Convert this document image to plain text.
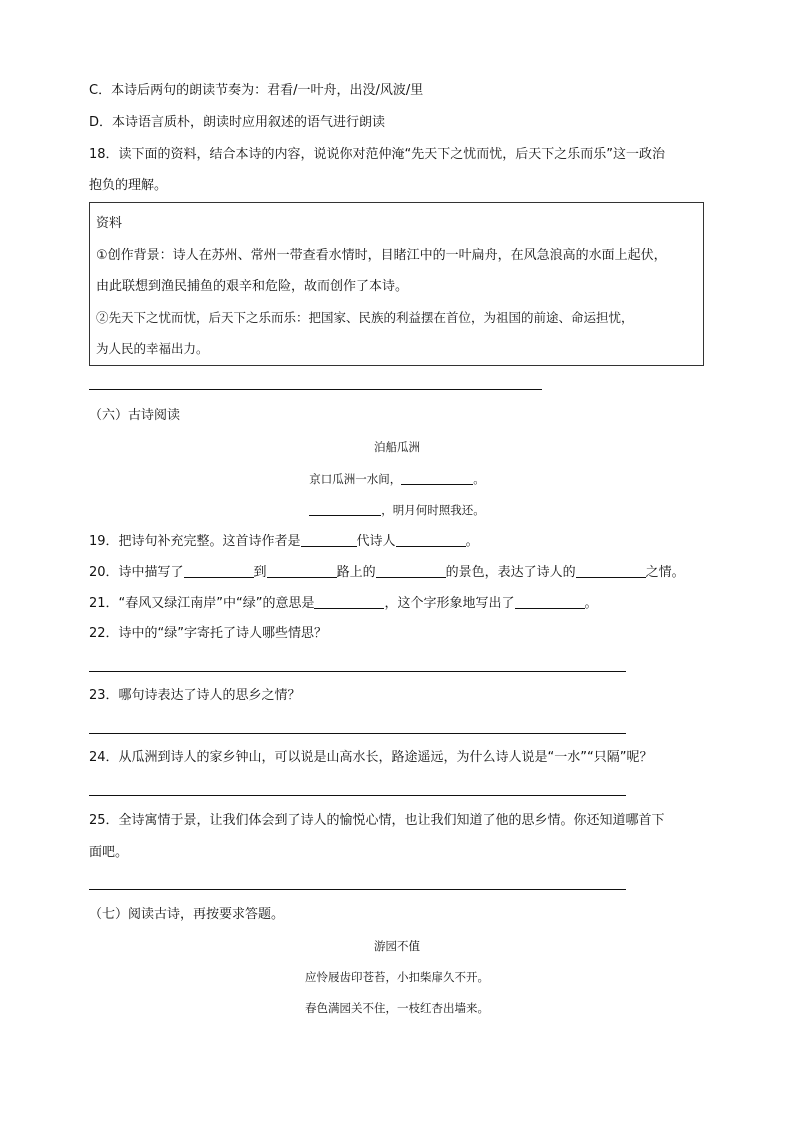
C．本诗后两句的朗读节奏为：君看/一叶舟，出没/风波/里
D．本诗语言质朴，朗读时应用叙述的语气进行朗读
18．读下面的资料，结合本诗的内容，说说你对范仲淹“先天下之忧而忧，后天下之乐而乐”这一政治
抱负的理解。
资料
①创作背景：诗人在苏州、常州一带查看水情时，目睹江中的一叶扁舟，在风急浪高的水面上起伏，
由此联想到渔民捕鱼的艰辛和危险，故而创作了本诗。
②先天下之忧而忧，后天下之乐而乐：把国家、民族的利益摆在首位，为祖国的前途、命运担忧，
为人民的幸福出力。
（六）古诗阅读
泊船瓜洲
京口瓜洲一水间，	。
，明月何时照我还。
19．把诗句补充完整。这首诗作者是	代诗人	。
20．诗中描写了	到	路上的	的景色，表达了诗人的	之情。
21．“春风又绿江南岸”中“绿”的意思是	，这个字形象地写出了	。
22．诗中的“绿”字寄托了诗人哪些情思？
23．哪句诗表达了诗人的思乡之情？
24．从瓜洲到诗人的家乡钟山，可以说是山高水长，路途遥远，为什么诗人说是“一水”“只隔”呢？
25．全诗寓情于景，让我们体会到了诗人的愉悦心情，也让我们知道了他的思乡情。你还知道哪首下
面吧。
（七）阅读古诗，再按要求答题。
游园不值
应怜屐齿印苍苔，小扣柴扉久不开。
春色满园关不住，一枝红杏出墙来。
